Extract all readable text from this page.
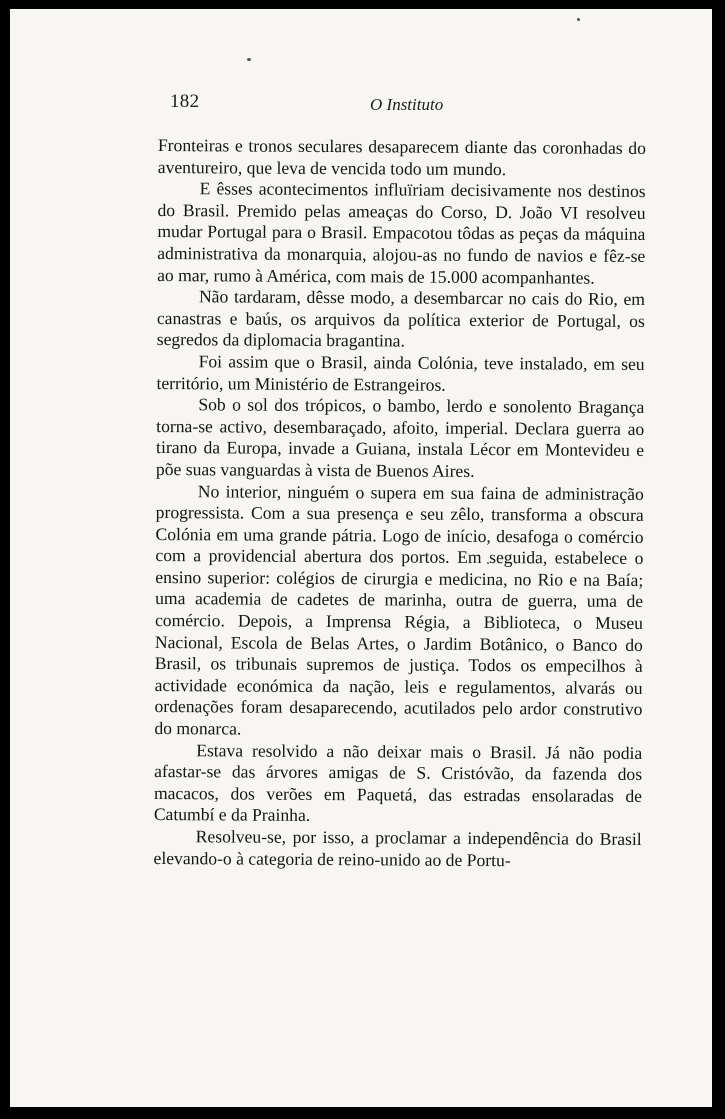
182	O Instituto

Fronteiras e tronos seculares desaparecem diante das coronhadas do aventureiro, que leva de vencida todo um mundo.

E êsses acontecimentos influïriam decisivamente nos destinos do Brasil. Premido pelas ameaças do Corso, D. João VI resolveu mudar Portugal para o Brasil. Empacotou tôdas as peças da máquina administrativa da monarquia, alojou-as no fundo de navios e fêz-se ao mar, rumo à América, com mais de 15.000 acompanhantes.

Não tardaram, dêsse modo, a desembarcar no cais do Rio, em canastras e baús, os arquivos da política exterior de Portugal, os segredos da diplomacia bragantina.

Foi assim que o Brasil, ainda Colónia, teve instalado, em seu território, um Ministério de Estrangeiros.

Sob o sol dos trópicos, o bambo, lerdo e sonolento Bragança torna-se activo, desembaraçado, afoito, imperial. Declara guerra ao tirano da Europa, invade a Guiana, instala Lécor em Montevideu e põe suas vanguardas à vista de Buenos Aires.

No interior, ninguém o supera em sua faina de administração progressista. Com a sua presença e seu zêlo, transforma a obscura Colónia em uma grande pátria. Logo de início, desafoga o comércio com a providencial abertura dos portos. Em seguida, estabelece o ensino superior: colégios de cirurgia e medicina, no Rio e na Baía; uma academia de cadetes de marinha, outra de guerra, uma de comércio. Depois, a Imprensa Régia, a Biblioteca, o Museu Nacional, Escola de Belas Artes, o Jardim Botânico, o Banco do Brasil, os tribunais supremos de justiça. Todos os empecilhos à actividade económica da nação, leis e regulamentos, alvarás ou ordenações foram desaparecendo, acutilados pelo ardor construtivo do monarca.

Estava resolvido a não deixar mais o Brasil. Já não podia afastar-se das árvores amigas de S. Cristóvão, da fazenda dos macacos, dos verões em Paquetá, das estradas ensolaradas de Catumbí e da Prainha.

Resolveu-se, por isso, a proclamar a independência do Brasil elevando-o à categoria de reino-unido ao de Portu-
